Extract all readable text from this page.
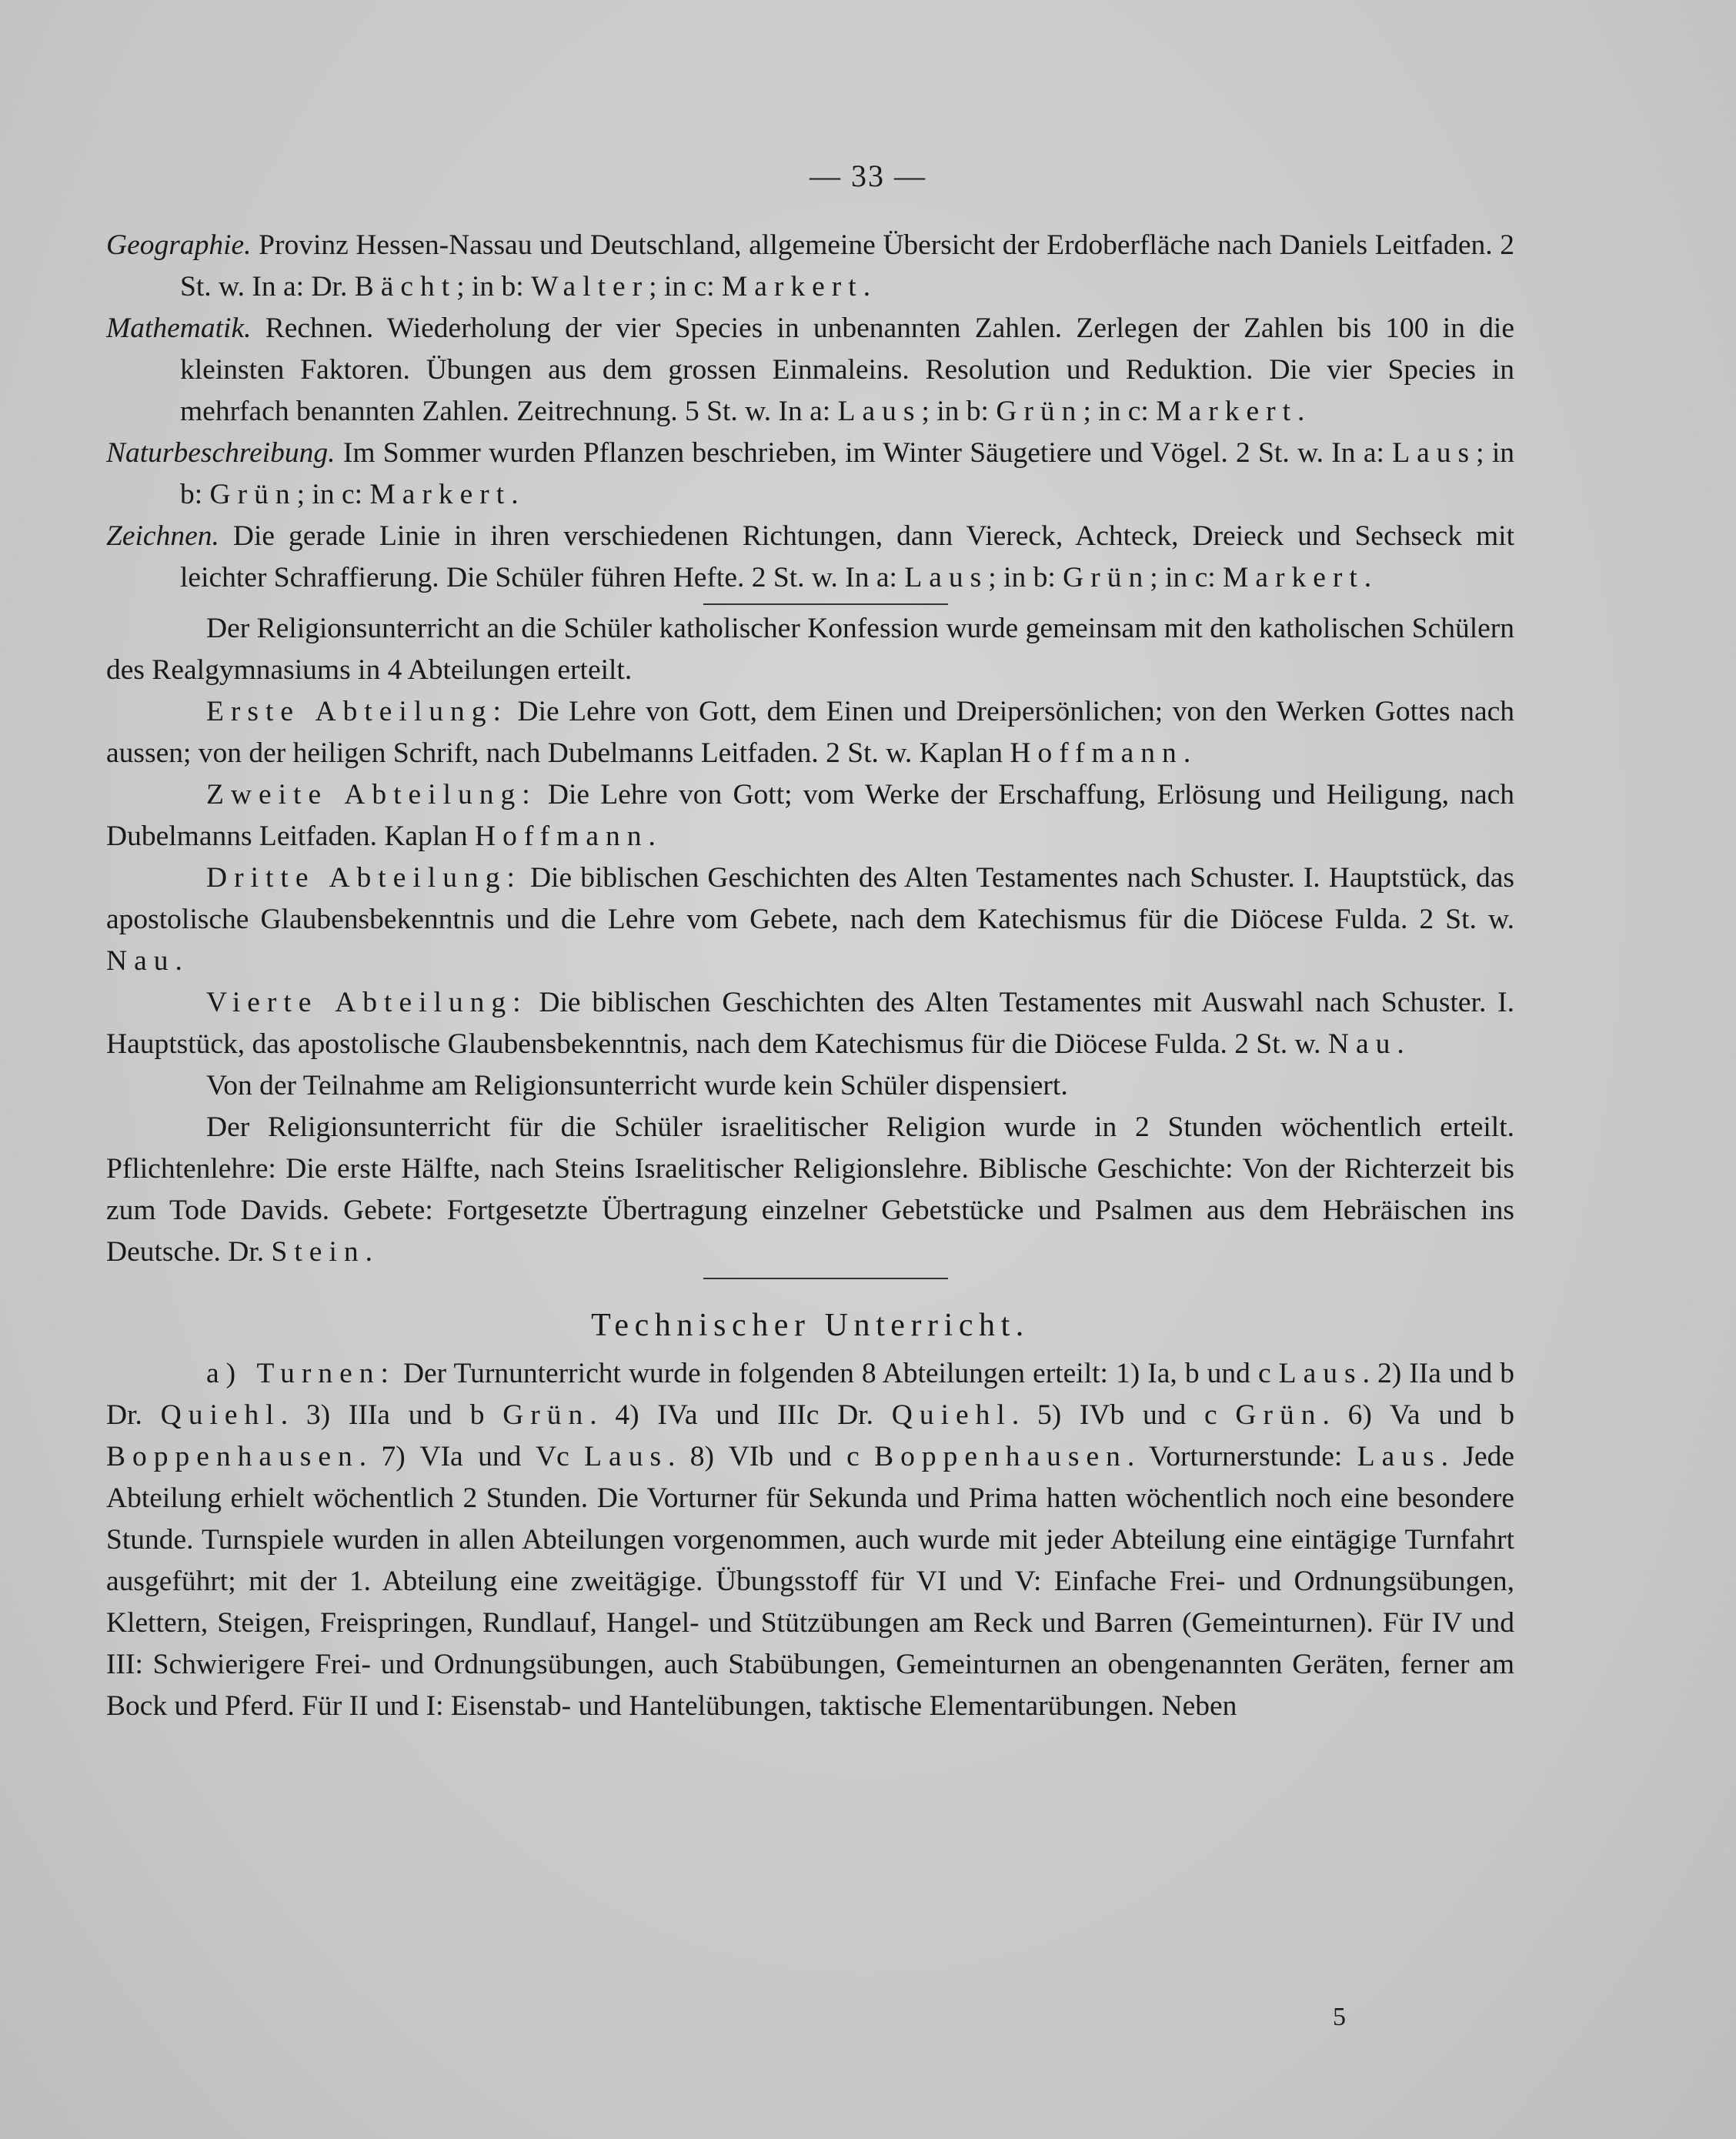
— 33 —

Geographie. Provinz Hessen-Nassau und Deutschland, allgemeine Übersicht der Erdoberfläche nach Daniels Leitfaden. 2 St. w. In a: Dr. Bächt; in b: Walter; in c: Markert.

Mathematik. Rechnen. Wiederholung der vier Species in unbenannten Zahlen. Zerlegen der Zahlen bis 100 in die kleinsten Faktoren. Übungen aus dem grossen Einmaleins. Resolution und Reduktion. Die vier Species in mehrfach benannten Zahlen. Zeitrechnung. 5 St. w. In a: Laus; in b: Grün; in c: Markert.

Naturbeschreibung. Im Sommer wurden Pflanzen beschrieben, im Winter Säugetiere und Vögel. 2 St. w. In a: Laus; in b: Grün; in c: Markert.

Zeichnen. Die gerade Linie in ihren verschiedenen Richtungen, dann Viereck, Achteck, Dreieck und Sechseck mit leichter Schraffierung. Die Schüler führen Hefte. 2 St. w. In a: Laus; in b: Grün; in c: Markert.

Der Religionsunterricht an die Schüler katholischer Konfession wurde gemeinsam mit den katholischen Schülern des Realgymnasiums in 4 Abteilungen erteilt.

Erste Abteilung: Die Lehre von Gott, dem Einen und Dreipersönlichen; von den Werken Gottes nach aussen; von der heiligen Schrift, nach Dubelmanns Leitfaden. 2 St. w. Kaplan Hoffmann.

Zweite Abteilung: Die Lehre von Gott; vom Werke der Erschaffung, Erlösung und Heiligung, nach Dubelmanns Leitfaden. Kaplan Hoffmann.

Dritte Abteilung: Die biblischen Geschichten des Alten Testamentes nach Schuster. I. Hauptstück, das apostolische Glaubensbekenntnis und die Lehre vom Gebete, nach dem Katechismus für die Diöcese Fulda. 2 St. w. Nau.

Vierte Abteilung: Die biblischen Geschichten des Alten Testamentes mit Auswahl nach Schuster. I. Hauptstück, das apostolische Glaubensbekenntnis, nach dem Katechismus für die Diöcese Fulda. 2 St. w. Nau.

Von der Teilnahme am Religionsunterricht wurde kein Schüler dispensiert.

Der Religionsunterricht für die Schüler israelitischer Religion wurde in 2 Stunden wöchentlich erteilt. Pflichtenlehre: Die erste Hälfte, nach Steins Israelitischer Religionslehre. Biblische Geschichte: Von der Richterzeit bis zum Tode Davids. Gebete: Fortgesetzte Übertragung einzelner Gebetstücke und Psalmen aus dem Hebräischen ins Deutsche. Dr. Stein.

Technischer Unterricht.

a) Turnen: Der Turnunterricht wurde in folgenden 8 Abteilungen erteilt: 1) Ia, b und c Laus. 2) IIa und b Dr. Quiehl. 3) IIIa und b Grün. 4) IVa und IIIc Dr. Quiehl. 5) IVb und c Grün. 6) Va und b Boppenhausen. 7) VIa und Vc Laus. 8) VIb und c Boppenhausen. Vorturnerstunde: Laus. Jede Abteilung erhielt wöchentlich 2 Stunden. Die Vorturner für Sekunda und Prima hatten wöchentlich noch eine besondere Stunde. Turnspiele wurden in allen Abteilungen vorgenommen, auch wurde mit jeder Abteilung eine eintägige Turnfahrt ausgeführt; mit der 1. Abteilung eine zweitägige. Übungsstoff für VI und V: Einfache Frei- und Ordnungsübungen, Klettern, Steigen, Freispringen, Rundlauf, Hangel- und Stützübungen am Reck und Barren (Gemeinturnen). Für IV und III: Schwierigere Frei- und Ordnungsübungen, auch Stabübungen, Gemeinturnen an obengenannten Geräten, ferner am Bock und Pferd. Für II und I: Eisenstab- und Hantelübungen, taktische Elementarübungen. Neben

5
